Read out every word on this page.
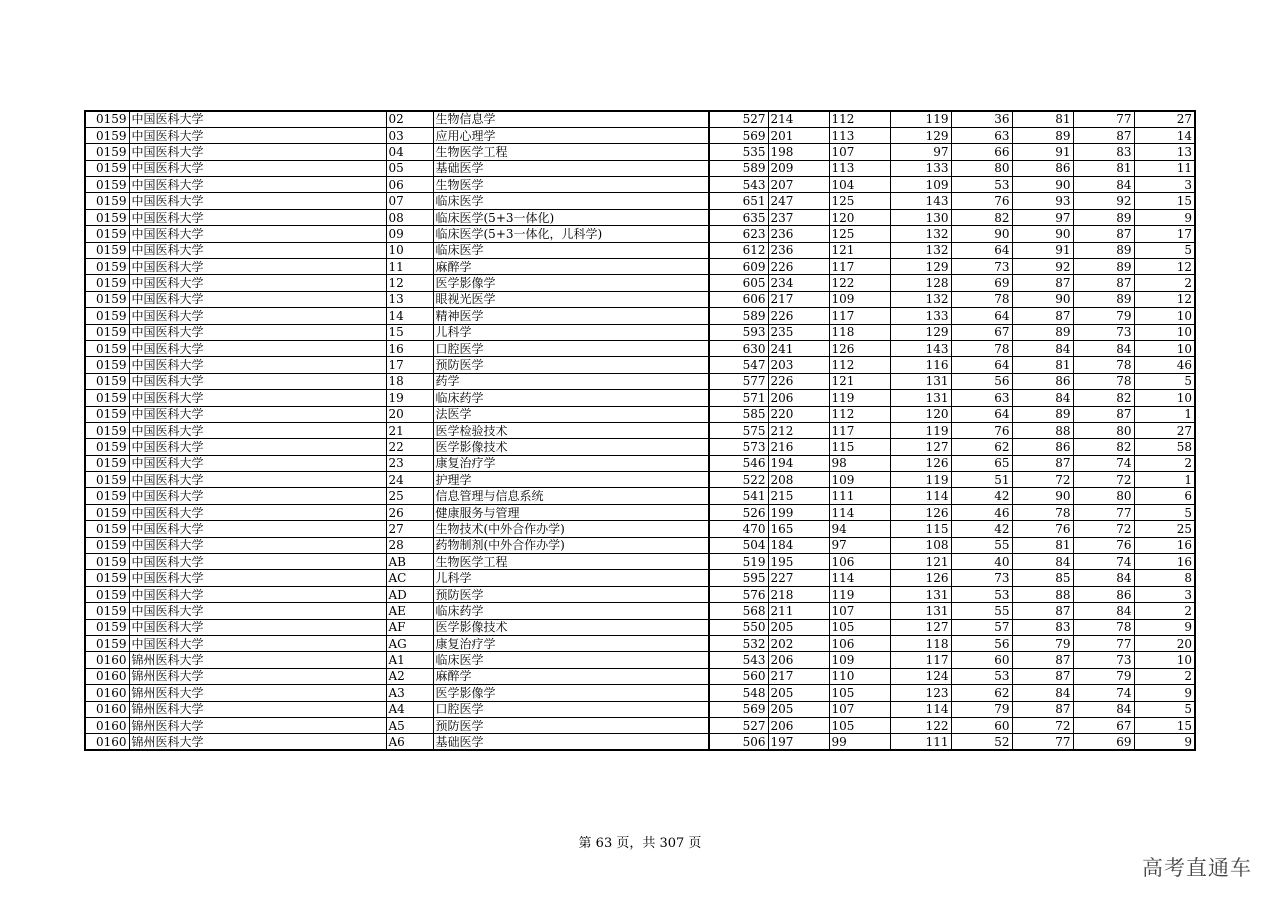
0159	中国医科大学	02	生物信息学	527	214	112	119	36	81	77	27
0159	中国医科大学	03	应用心理学	569	201	113	129	63	89	87	14
0159	中国医科大学	04	生物医学工程	535	198	107	97	66	91	83	13
0159	中国医科大学	05	基础医学	589	209	113	133	80	86	81	11
0159	中国医科大学	06	生物医学	543	207	104	109	53	90	84	3
0159	中国医科大学	07	临床医学	651	247	125	143	76	93	92	15
0159	中国医科大学	08	临床医学(5+3一体化)	635	237	120	130	82	97	89	9
0159	中国医科大学	09	临床医学(5+3一体化，儿科学)	623	236	125	132	90	90	87	17
0159	中国医科大学	10	临床医学	612	236	121	132	64	91	89	5
0159	中国医科大学	11	麻醉学	609	226	117	129	73	92	89	12
0159	中国医科大学	12	医学影像学	605	234	122	128	69	87	87	2
0159	中国医科大学	13	眼视光医学	606	217	109	132	78	90	89	12
0159	中国医科大学	14	精神医学	589	226	117	133	64	87	79	10
0159	中国医科大学	15	儿科学	593	235	118	129	67	89	73	10
0159	中国医科大学	16	口腔医学	630	241	126	143	78	84	84	10
0159	中国医科大学	17	预防医学	547	203	112	116	64	81	78	46
0159	中国医科大学	18	药学	577	226	121	131	56	86	78	5
0159	中国医科大学	19	临床药学	571	206	119	131	63	84	82	10
0159	中国医科大学	20	法医学	585	220	112	120	64	89	87	1
0159	中国医科大学	21	医学检验技术	575	212	117	119	76	88	80	27
0159	中国医科大学	22	医学影像技术	573	216	115	127	62	86	82	58
0159	中国医科大学	23	康复治疗学	546	194	98	126	65	87	74	2
0159	中国医科大学	24	护理学	522	208	109	119	51	72	72	1
0159	中国医科大学	25	信息管理与信息系统	541	215	111	114	42	90	80	6
0159	中国医科大学	26	健康服务与管理	526	199	114	126	46	78	77	5
0159	中国医科大学	27	生物技术(中外合作办学)	470	165	94	115	42	76	72	25
0159	中国医科大学	28	药物制剂(中外合作办学)	504	184	97	108	55	81	76	16
0159	中国医科大学	AB	生物医学工程	519	195	106	121	40	84	74	16
0159	中国医科大学	AC	儿科学	595	227	114	126	73	85	84	8
0159	中国医科大学	AD	预防医学	576	218	119	131	53	88	86	3
0159	中国医科大学	AE	临床药学	568	211	107	131	55	87	84	2
0159	中国医科大学	AF	医学影像技术	550	205	105	127	57	83	78	9
0159	中国医科大学	AG	康复治疗学	532	202	106	118	56	79	77	20
0160	锦州医科大学	A1	临床医学	543	206	109	117	60	87	73	10
0160	锦州医科大学	A2	麻醉学	560	217	110	124	53	87	79	2
0160	锦州医科大学	A3	医学影像学	548	205	105	123	62	84	74	9
0160	锦州医科大学	A4	口腔医学	569	205	107	114	79	87	84	5
0160	锦州医科大学	A5	预防医学	527	206	105	122	60	72	67	15
0160	锦州医科大学	A6	基础医学	506	197	99	111	52	77	69	9
第 63 页，共 307 页
高考直通车
